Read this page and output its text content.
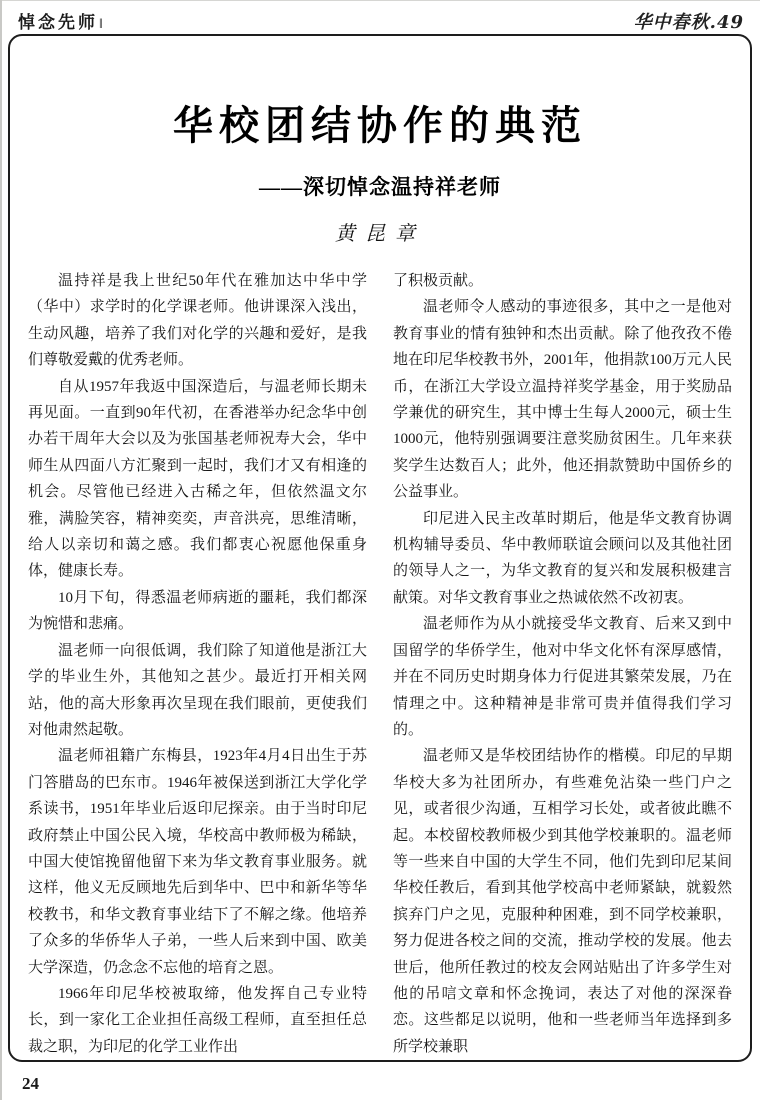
悼念先师‖	华中春秋.49
华校团结协作的典范
——深切悼念温持祥老师
黄昆章

温持祥是我上世纪50年代在雅加达中华中学（华中）求学时的化学课老师。他讲课深入浅出，生动风趣，培养了我们对化学的兴趣和爱好，是我们尊敬爱戴的优秀老师。

自从1957年我返中国深造后，与温老师长期未再见面。一直到90年代初，在香港举办纪念华中创办若干周年大会以及为张国基老师祝寿大会，华中师生从四面八方汇聚到一起时，我们才又有相逢的机会。尽管他已经进入古稀之年，但依然温文尔雅，满脸笑容，精神奕奕，声音洪亮，思维清晰，给人以亲切和蔼之感。我们都衷心祝愿他保重身体，健康长寿。

10月下旬，得悉温老师病逝的噩耗，我们都深为惋惜和悲痛。

温老师一向很低调，我们除了知道他是浙江大学的毕业生外，其他知之甚少。最近打开相关网站，他的高大形象再次呈现在我们眼前，更使我们对他肃然起敬。

温老师祖籍广东梅县，1923年4月4日出生于苏门答腊岛的巴东市。1946年被保送到浙江大学化学系读书，1951年毕业后返印尼探亲。由于当时印尼政府禁止中国公民入境，华校高中教师极为稀缺，中国大使馆挽留他留下来为华文教育事业服务。就这样，他义无反顾地先后到华中、巴中和新华等华校教书，和华文教育事业结下了不解之缘。他培养了众多的华侨华人子弟，一些人后来到中国、欧美大学深造，仍念念不忘他的培育之恩。

1966年印尼华校被取缔，他发挥自己专业特长，到一家化工企业担任高级工程师，直至担任总裁之职，为印尼的化学工业作出

了积极贡献。

温老师令人感动的事迹很多，其中之一是他对教育事业的情有独钟和杰出贡献。除了他孜孜不倦地在印尼华校教书外，2001年，他捐款100万元人民币，在浙江大学设立温持祥奖学基金，用于奖励品学兼优的研究生，其中博士生每人2000元，硕士生1000元，他特别强调要注意奖励贫困生。几年来获奖学生达数百人；此外，他还捐款赞助中国侨乡的公益事业。

印尼进入民主改革时期后，他是华文教育协调机构辅导委员、华中教师联谊会顾问以及其他社团的领导人之一，为华文教育的复兴和发展积极建言献策。对华文教育事业之热诚依然不改初衷。

温老师作为从小就接受华文教育、后来又到中国留学的华侨学生，他对中华文化怀有深厚感情，并在不同历史时期身体力行促进其繁荣发展，乃在情理之中。这种精神是非常可贵并值得我们学习的。

温老师又是华校团结协作的楷模。印尼的早期华校大多为社团所办，有些难免沾染一些门户之见，或者很少沟通，互相学习长处，或者彼此瞧不起。本校留校教师极少到其他学校兼职的。温老师等一些来自中国的大学生不同，他们先到印尼某间华校任教后，看到其他学校高中老师紧缺，就毅然摈弃门户之见，克服种种困难，到不同学校兼职，努力促进各校之间的交流，推动学校的发展。他去世后，他所任教过的校友会网站贴出了许多学生对他的吊唁文章和怀念挽词，表达了对他的深深眷恋。这些都足以说明，他和一些老师当年选择到多所学校兼职

24
